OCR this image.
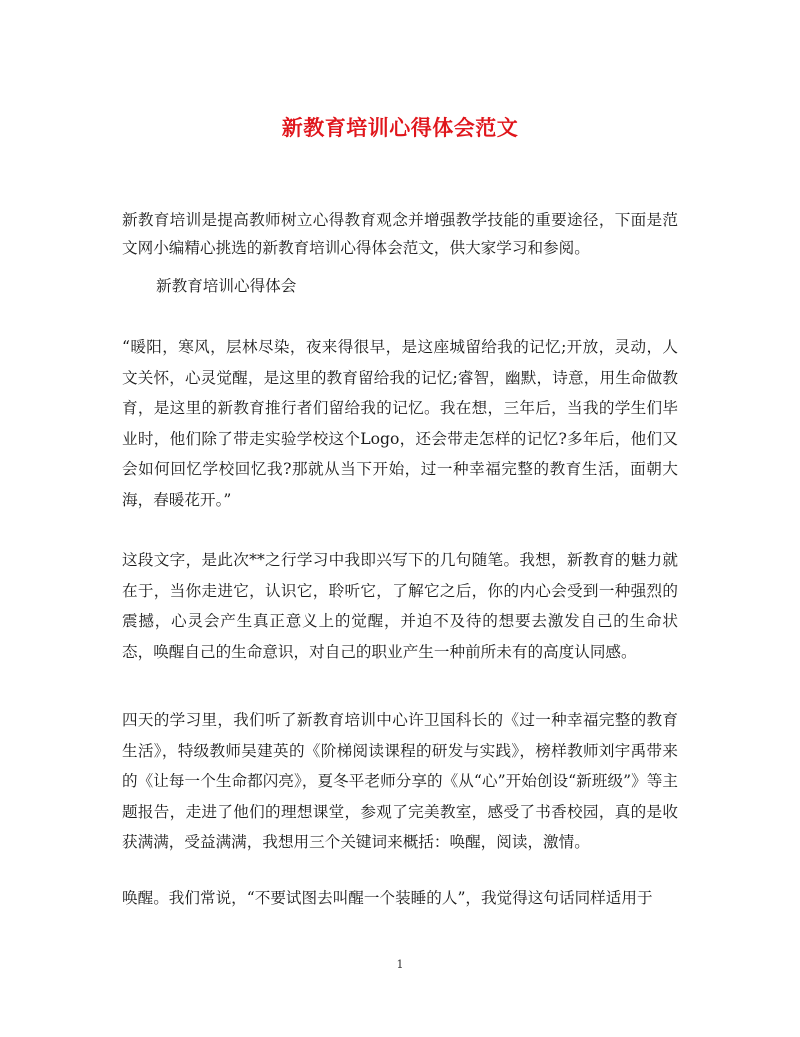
新教育培训心得体会范文
新教育培训是提高教师树立心得教育观念并增强教学技能的重要途径，下面是范文网小编精心挑选的新教育培训心得体会范文，供大家学习和参阅。
新教育培训心得体会
“暖阳，寒风，层林尽染，夜来得很早，是这座城留给我的记忆;开放，灵动，人文关怀，心灵觉醒，是这里的教育留给我的记忆;睿智，幽默，诗意，用生命做教育，是这里的新教育推行者们留给我的记忆。我在想，三年后，当我的学生们毕业时，他们除了带走实验学校这个Logo，还会带走怎样的记忆?多年后，他们又会如何回忆学校回忆我?那就从当下开始，过一种幸福完整的教育生活，面朝大海，春暖花开。”
这段文字，是此次**之行学习中我即兴写下的几句随笔。我想，新教育的魅力就在于，当你走进它，认识它，聆听它，了解它之后，你的内心会受到一种强烈的震撼，心灵会产生真正意义上的觉醒，并迫不及待的想要去激发自己的生命状态，唤醒自己的生命意识，对自己的职业产生一种前所未有的高度认同感。
四天的学习里，我们听了新教育培训中心许卫国科长的《过一种幸福完整的教育生活》，特级教师吴建英的《阶梯阅读课程的研发与实践》，榜样教师刘宇禹带来的《让每一个生命都闪亮》，夏冬平老师分享的《从“心”开始创设“新班级”》等主题报告，走进了他们的理想课堂，参观了完美教室，感受了书香校园，真的是收获满满，受益满满，我想用三个关键词来概括：唤醒，阅读，激情。
唤醒。我们常说，“不要试图去叫醒一个装睡的人”，我觉得这句话同样适用于
1
